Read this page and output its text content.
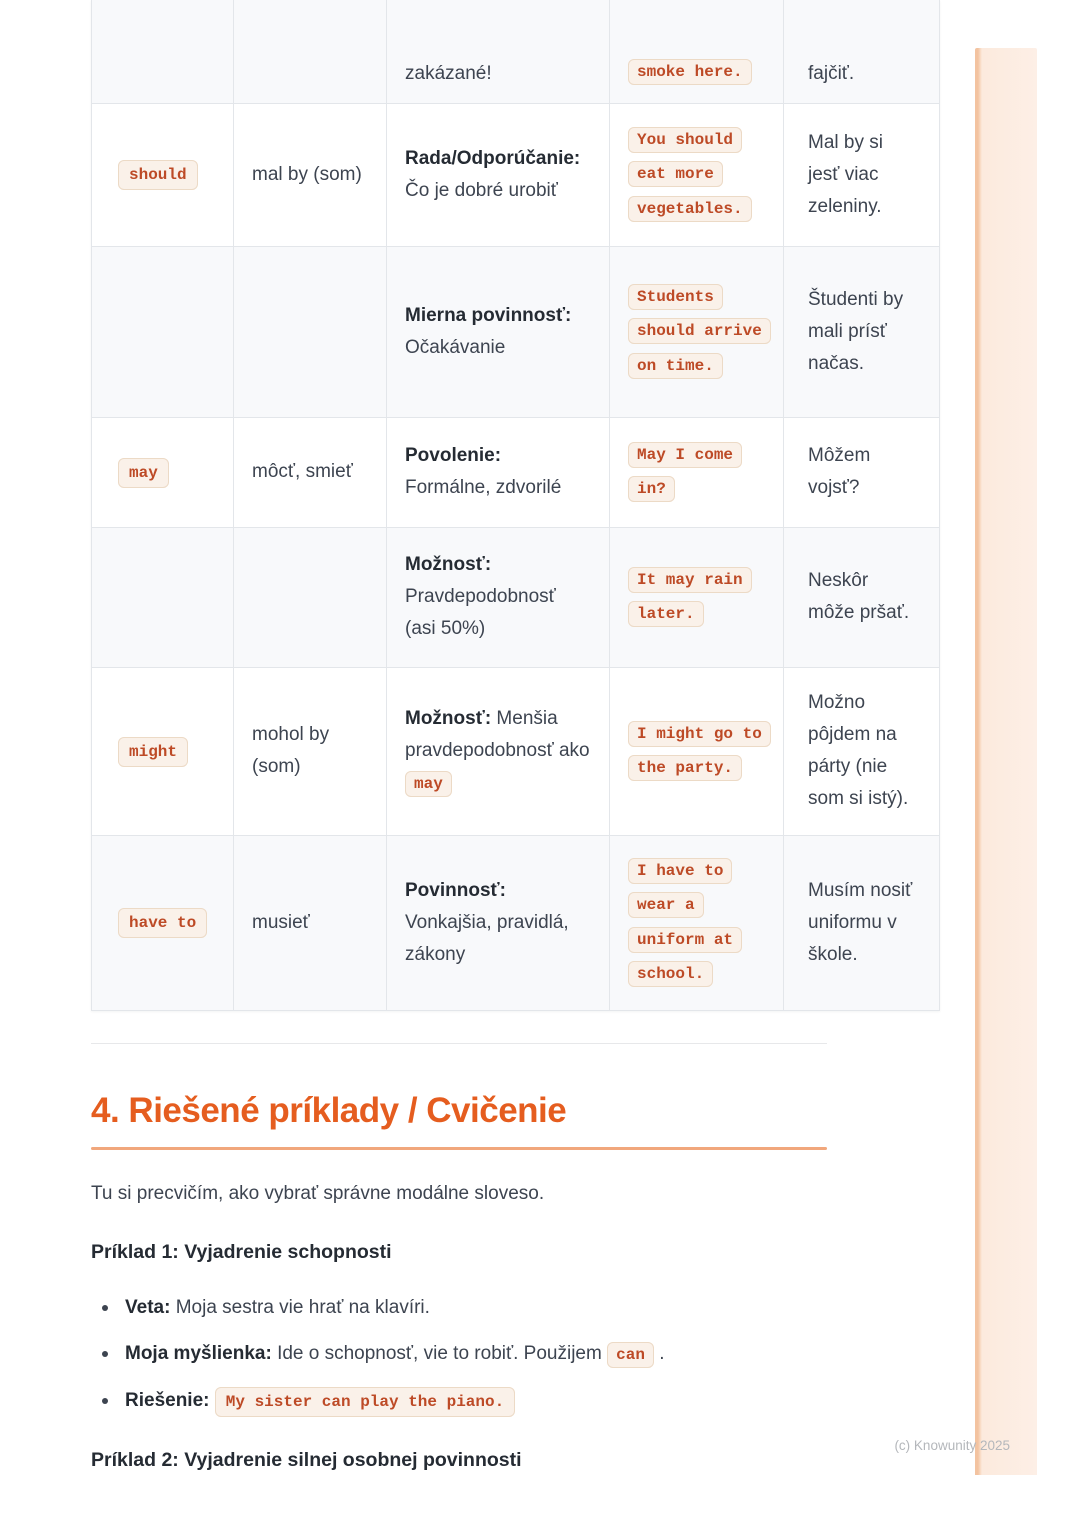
		zakázané!	smoke here.	fajčiť.
should	mal by (som)	Rada/Odporúčanie: Čo je dobré urobiť	You should eat more vegetables.	Mal by si jesť viac zeleniny.
		Mierna povinnosť: Očakávanie	Students should arrive on time.	Študenti by mali prísť načas.
may	môcť, smieť	Povolenie: Formálne, zdvorilé	May I come in?	Môžem vojsť?
		Možnosť: Pravdepodobnosť (asi 50%)	It may rain later.	Neskôr môže pršať.
might	mohol by (som)	Možnosť: Menšia pravdepodobnosť ako may	I might go to the party.	Možno pôjdem na párty (nie som si istý).
have to	musieť	Povinnosť: Vonkajšia, pravidlá, zákony	I have to wear a uniform at school.	Musím nosiť uniformu v škole.
4. Riešené príklady / Cvičenie

Tu si precvičím, ako vybrať správne modálne sloveso.

Príklad 1: Vyjadrenie schopnosti

Veta: Moja sestra vie hrať na klavíri.
Moja myšlienka: Ide o schopnosť, vie to robiť. Použijem can .
Riešenie: My sister can play the piano.

Príklad 2: Vyjadrenie silnej osobnej povinnosti

(c) Knowunity 2025
